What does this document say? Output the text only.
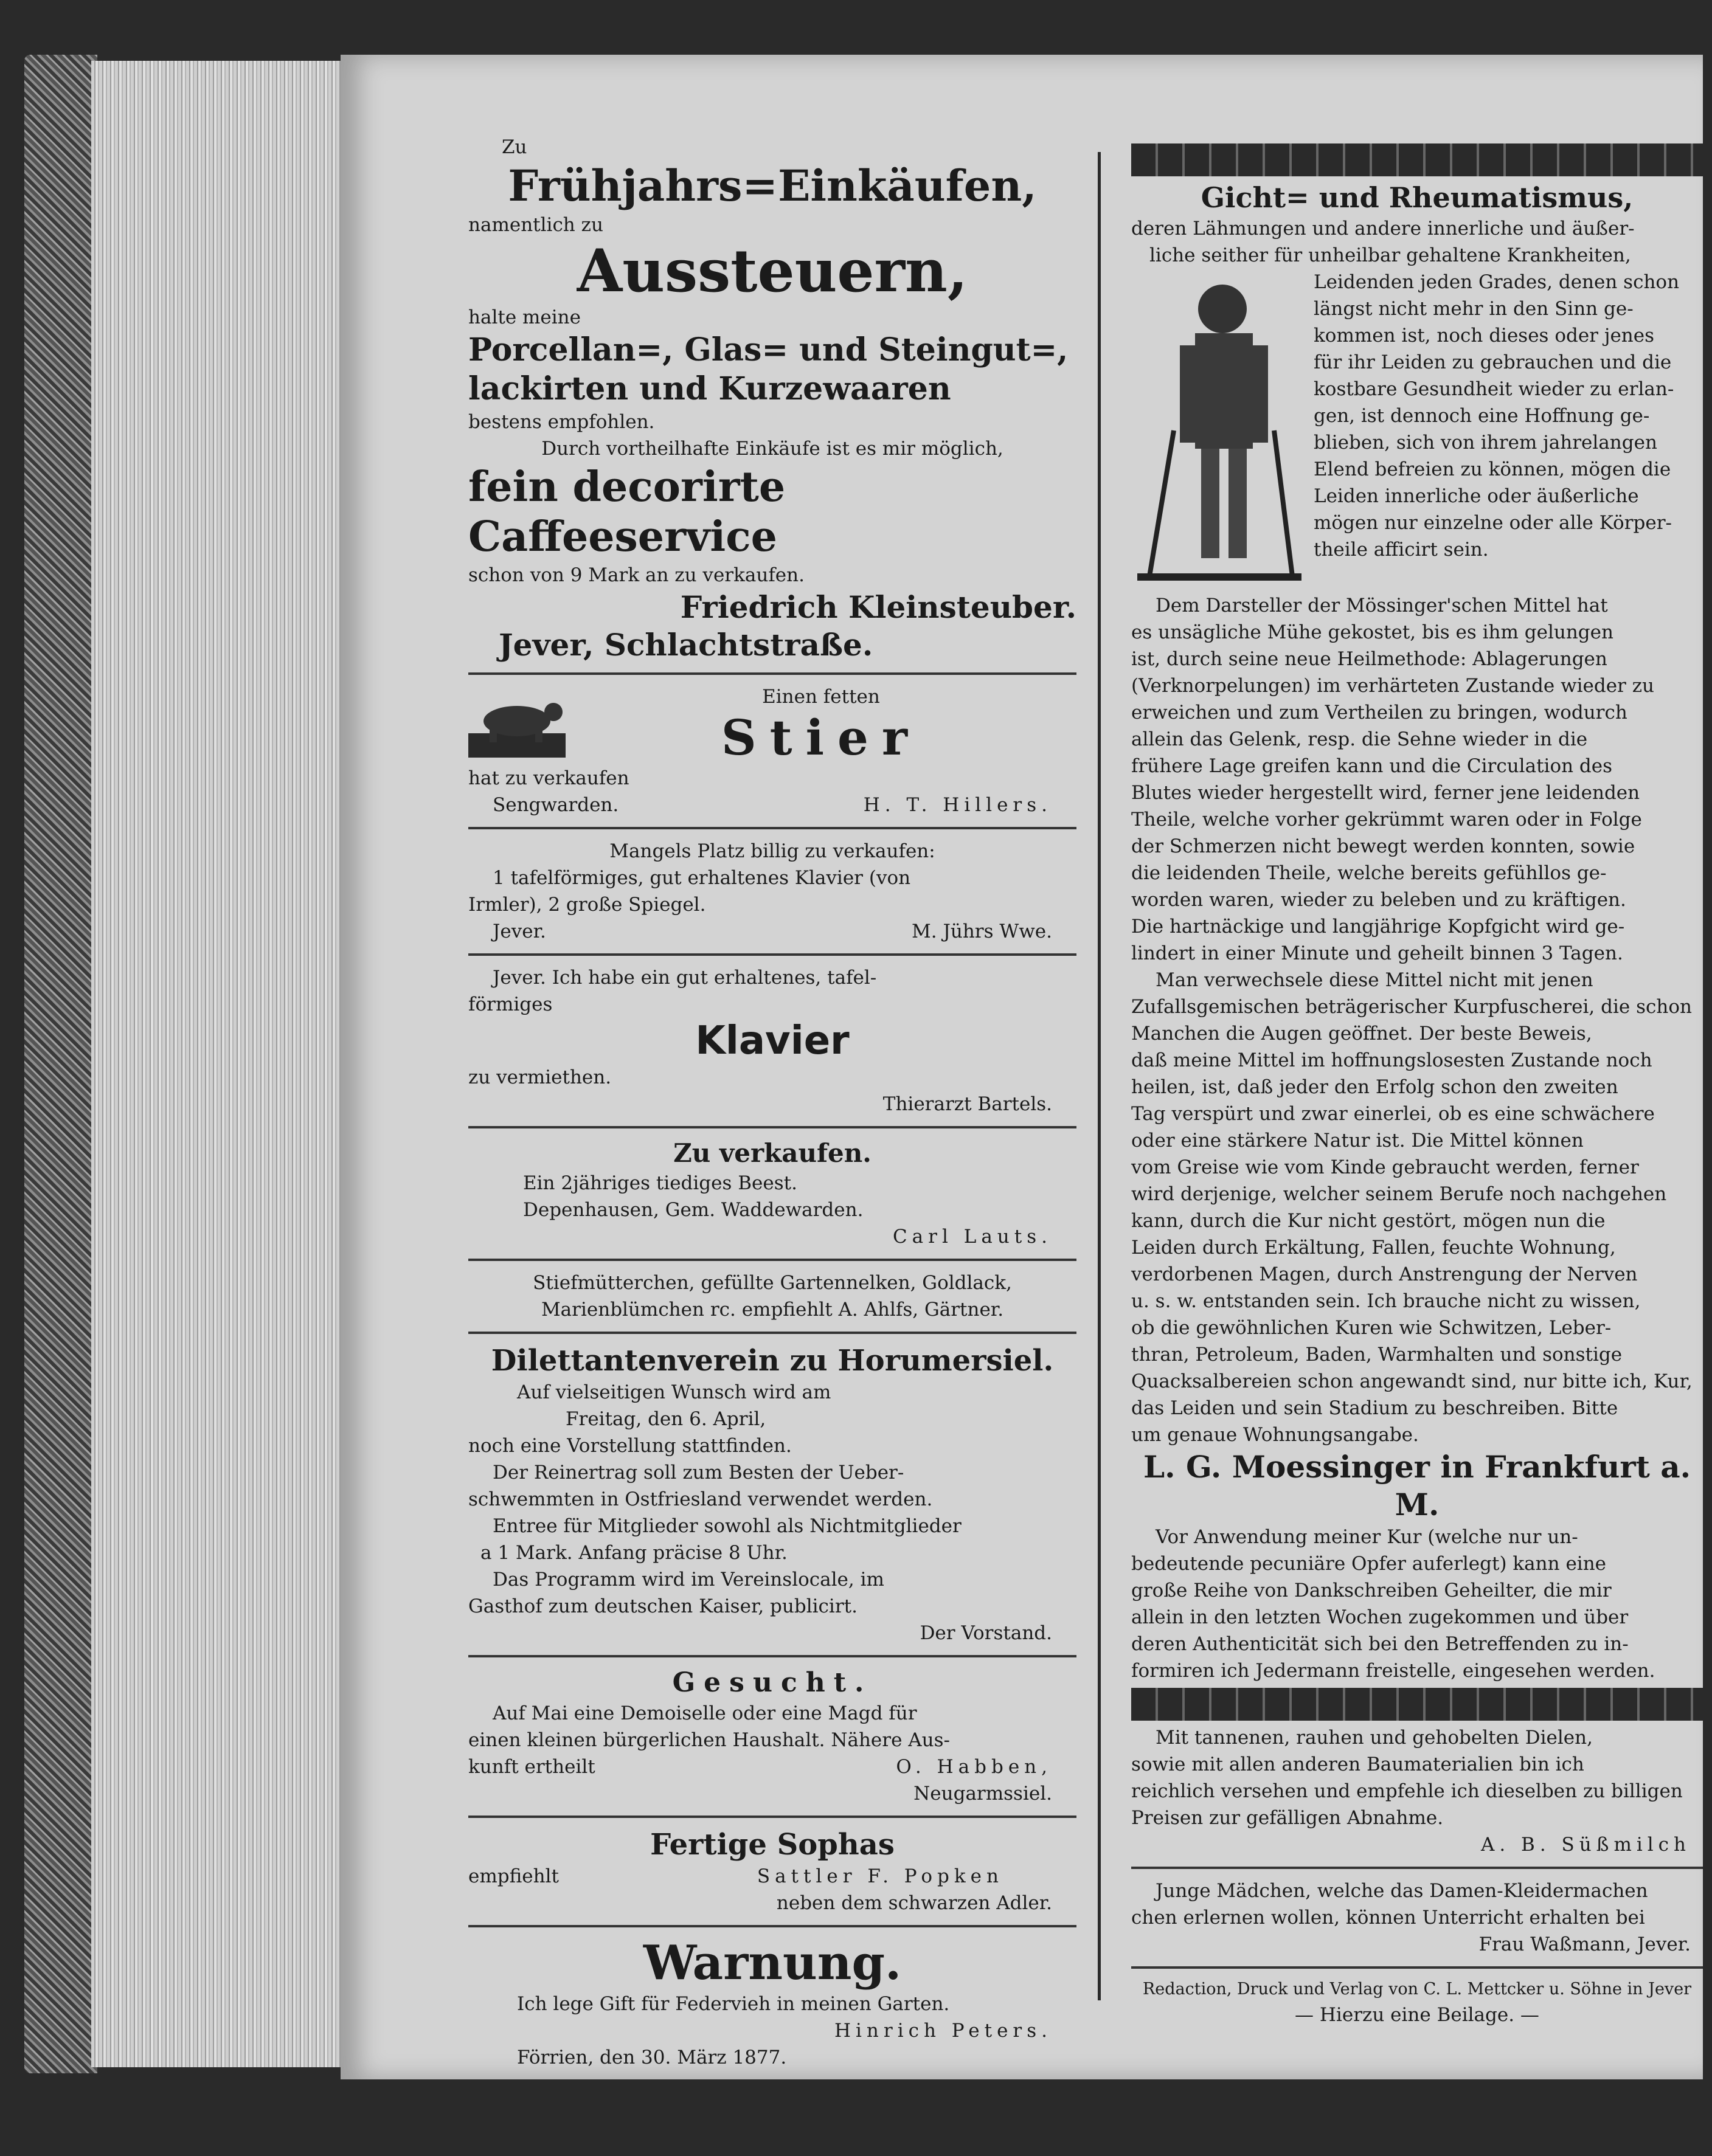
Zu

Frühjahrs=Einkäufen,

namentlich zu

Aussteuern,

halte meine

Porcellan=, Glas= und Steingut=,

lackirten und Kurzewaaren

bestens empfohlen.

Durch vortheilhafte Einkäufe ist es mir möglich,

fein decorirte Caffeeservice

schon von 9 Mark an zu verkaufen.

Friedrich Kleinsteuber.

Jever, Schlachtstraße.

Einen fetten

Stier

hat zu verkaufen

Sengwarden.	H. T. Hillers.

Mangels Platz billig zu verkaufen:

1 tafelförmiges, gut erhaltenes Klavier (von

Irmler), 2 große Spiegel.

Jever.	M. Jührs Wwe.

Jever. Ich habe ein gut erhaltenes, tafel-

förmiges

Klavier

zu vermiethen.

Thierarzt Bartels.

Zu verkaufen.

Ein 2jähriges tiediges Beest.

Depenhausen, Gem. Waddewarden.

Carl Lauts.

Stiefmütterchen, gefüllte Gartennelken, Goldlack,

Marienblümchen rc. empfiehlt A. Ahlfs, Gärtner.

Dilettantenverein zu Horumersiel.

Auf vielseitigen Wunsch wird am

Freitag, den 6. April,

noch eine Vorstellung stattfinden.

Der Reinertrag soll zum Besten der Ueber-

schwemmten in Ostfriesland verwendet werden.

Entree für Mitglieder sowohl als Nichtmitglieder

a 1 Mark. Anfang präcise 8 Uhr.

Das Programm wird im Vereinslocale, im

Gasthof zum deutschen Kaiser, publicirt.

Der Vorstand.

Gesucht.

Auf Mai eine Demoiselle oder eine Magd für

einen kleinen bürgerlichen Haushalt. Nähere Aus-

kunft ertheilt	O. Habben,

Neugarmssiel.

Fertige Sophas

empfiehlt	Sattler F. Popken

neben dem schwarzen Adler.

Warnung.

Ich lege Gift für Federvieh in meinen Garten.

Hinrich Peters.

Förrien, den 30. März 1877.

Gicht= und Rheumatismus,

deren Lähmungen und andere innerliche und äußer-

liche seither für unheilbar gehaltene Krankheiten,

Leidenden jeden Grades, denen schon

längst nicht mehr in den Sinn ge-

kommen ist, noch dieses oder jenes

für ihr Leiden zu gebrauchen und die

kostbare Gesundheit wieder zu erlan-

gen, ist dennoch eine Hoffnung ge-

blieben, sich von ihrem jahrelangen

Elend befreien zu können, mögen die

Leiden innerliche oder äußerliche

mögen nur einzelne oder alle Körper-

theile afficirt sein.

Dem Darsteller der Mössinger'schen Mittel hat

es unsägliche Mühe gekostet, bis es ihm gelungen

ist, durch seine neue Heilmethode: Ablagerungen

(Verknorpelungen) im verhärteten Zustande wieder zu

erweichen und zum Vertheilen zu bringen, wodurch

allein das Gelenk, resp. die Sehne wieder in die

frühere Lage greifen kann und die Circulation des

Blutes wieder hergestellt wird, ferner jene leidenden

Theile, welche vorher gekrümmt waren oder in Folge

der Schmerzen nicht bewegt werden konnten, sowie

die leidenden Theile, welche bereits gefühllos ge-

worden waren, wieder zu beleben und zu kräftigen.

Die hartnäckige und langjährige Kopfgicht wird ge-

lindert in einer Minute und geheilt binnen 3 Tagen.

Man verwechsele diese Mittel nicht mit jenen

Zufallsgemischen beträgerischer Kurpfuscherei, die schon

Manchen die Augen geöffnet. Der beste Beweis,

daß meine Mittel im hoffnungslosesten Zustande noch

heilen, ist, daß jeder den Erfolg schon den zweiten

Tag verspürt und zwar einerlei, ob es eine schwächere

oder eine stärkere Natur ist. Die Mittel können

vom Greise wie vom Kinde gebraucht werden, ferner

wird derjenige, welcher seinem Berufe noch nachgehen

kann, durch die Kur nicht gestört, mögen nun die

Leiden durch Erkältung, Fallen, feuchte Wohnung,

verdorbenen Magen, durch Anstrengung der Nerven

u. s. w. entstanden sein. Ich brauche nicht zu wissen,

ob die gewöhnlichen Kuren wie Schwitzen, Leber-

thran, Petroleum, Baden, Warmhalten und sonstige

Quacksalbereien schon angewandt sind, nur bitte ich, Kur,

das Leiden und sein Stadium zu beschreiben. Bitte

um genaue Wohnungsangabe.

L. G. Moessinger in Frankfurt a. M.

Vor Anwendung meiner Kur (welche nur un-

bedeutende pecuniäre Opfer auferlegt) kann eine

große Reihe von Dankschreiben Geheilter, die mir

allein in den letzten Wochen zugekommen und über

deren Authenticität sich bei den Betreffenden zu in-

formiren ich Jedermann freistelle, eingesehen werden.

Mit tannenen, rauhen und gehobelten Dielen,

sowie mit allen anderen Baumaterialien bin ich

reichlich versehen und empfehle ich dieselben zu billigen

Preisen zur gefälligen Abnahme.

A. B. Süßmilch

Junge Mädchen, welche das Damen-Kleidermachen

chen erlernen wollen, können Unterricht erhalten bei

Frau Waßmann, Jever.

Redaction, Druck und Verlag von C. L. Mettcker u. Söhne in Jever

— Hierzu eine Beilage. —
